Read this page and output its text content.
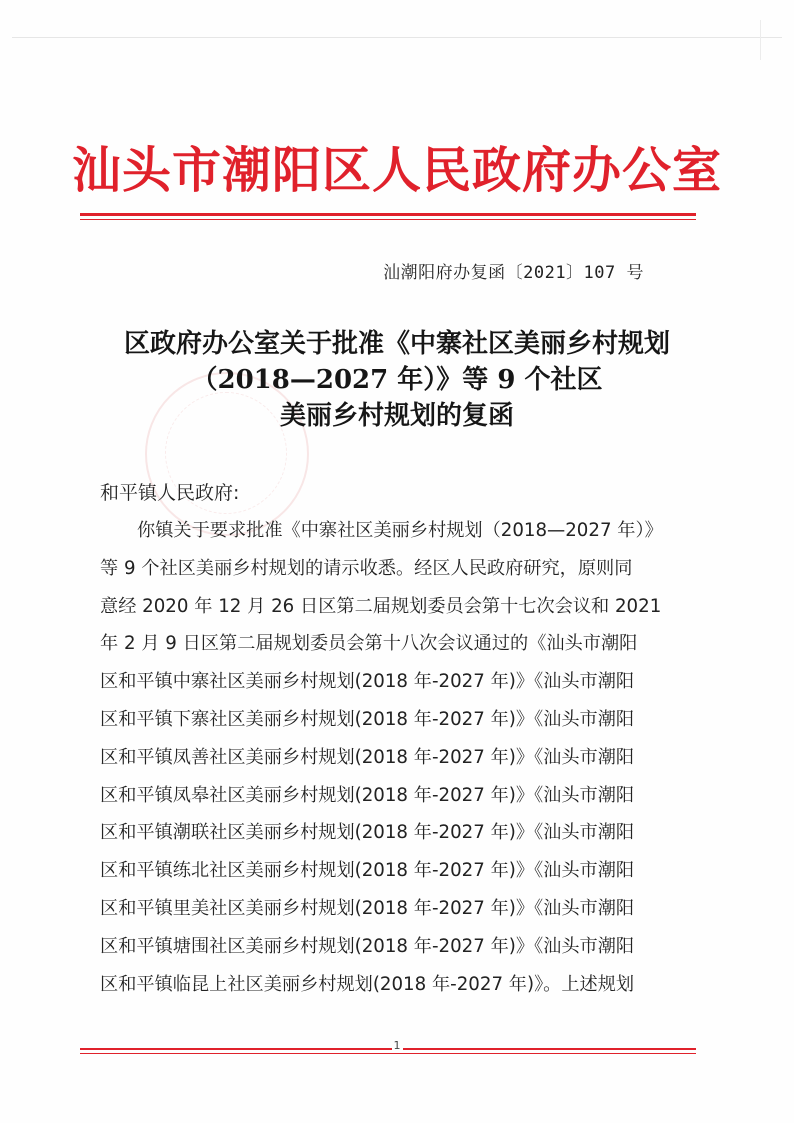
汕头市潮阳区人民政府办公室
汕潮阳府办复函〔2021〕107 号
区政府办公室关于批准《中寨社区美丽乡村规划
（2018—2027 年）》等 9 个社区
美丽乡村规划的复函
和平镇人民政府:
你镇关于要求批准《中寨社区美丽乡村规划（2018—2027 年）》
等 9 个社区美丽乡村规划的请示收悉。经区人民政府研究，原则同
意经 2020 年 12 月 26 日区第二届规划委员会第十七次会议和 2021
年 2 月 9 日区第二届规划委员会第十八次会议通过的《汕头市潮阳
区和平镇中寨社区美丽乡村规划(2018 年-2027 年)》《汕头市潮阳
区和平镇下寨社区美丽乡村规划(2018 年-2027 年)》《汕头市潮阳
区和平镇凤善社区美丽乡村规划(2018 年-2027 年)》《汕头市潮阳
区和平镇凤皋社区美丽乡村规划(2018 年-2027 年)》《汕头市潮阳
区和平镇潮联社区美丽乡村规划(2018 年-2027 年)》《汕头市潮阳
区和平镇练北社区美丽乡村规划(2018 年-2027 年)》《汕头市潮阳
区和平镇里美社区美丽乡村规划(2018 年-2027 年)》《汕头市潮阳
区和平镇塘围社区美丽乡村规划(2018 年-2027 年)》《汕头市潮阳
区和平镇临昆上社区美丽乡村规划(2018 年-2027 年)》。上述规划
1
